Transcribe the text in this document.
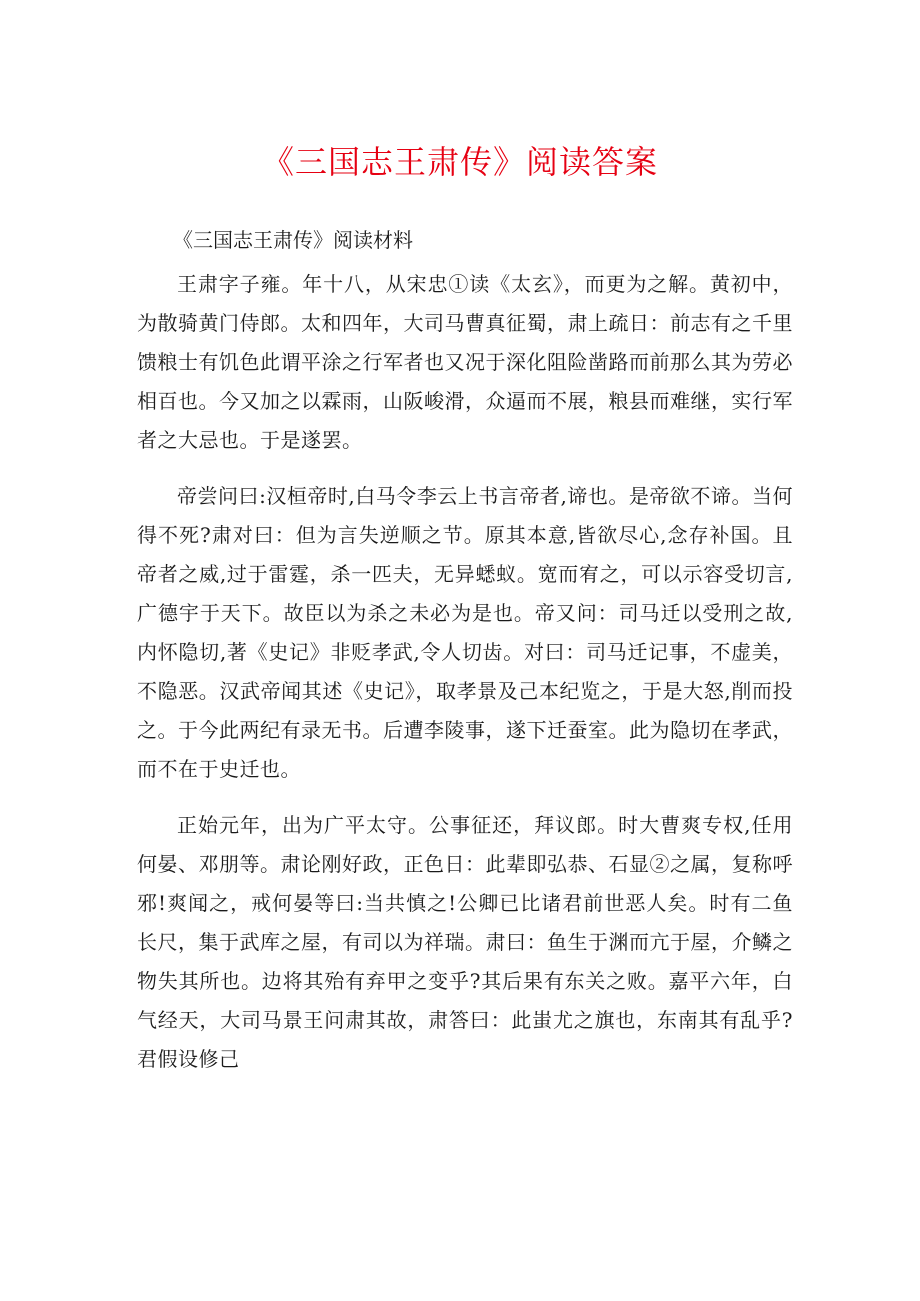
《三国志王肃传》阅读答案
《三国志王肃传》阅读材料

王肃字子雍。年十八，从宋忠①读《太玄》，而更为之解。黄初中，为散骑黄门侍郎。太和四年，大司马曹真征蜀，肃上疏日：前志有之千里馈粮士有饥色此谓平涂之行军者也又况于深化阻险凿路而前那么其为劳必相百也。今又加之以霖雨，山阪峻滑，众逼而不展，粮县而难继，实行军者之大忌也。于是遂罢。

帝尝问曰:汉桓帝时,白马令李云上书言帝者,谛也。是帝欲不谛。当何得不死?肃对曰：但为言失逆顺之节。原其本意,皆欲尽心,念存补国。且帝者之威,过于雷霆，杀一匹夫，无异蟋蚁。宽而宥之，可以示容受切言,广德宇于天下。故臣以为杀之未必为是也。帝又问：司马迁以受刑之故,内怀隐切,著《史记》非贬孝武,令人切齿。对曰：司马迁记事，不虚美，不隐恶。汉武帝闻其述《史记》，取孝景及己本纪览之，于是大怒,削而投之。于今此两纪有录无书。后遭李陵事，遂下迁蚕室。此为隐切在孝武，而不在于史迁也。

正始元年，出为广平太守。公事征还，拜议郎。时大曹爽专权,任用何晏、邓朋等。肃论刚好政，正色日：此辈即弘恭、石显②之属，复称呼邪!爽闻之，戒何晏等曰:当共慎之!公卿已比诸君前世恶人矣。时有二鱼长尺，集于武库之屋，有司以为祥瑞。肃曰：鱼生于渊而亢于屋，介鳞之物失其所也。边将其殆有弃甲之变乎?其后果有东关之败。嘉平六年，白气经天，大司马景王问肃其故，肃答曰：此蚩尤之旗也，东南其有乱乎?君假设修己
